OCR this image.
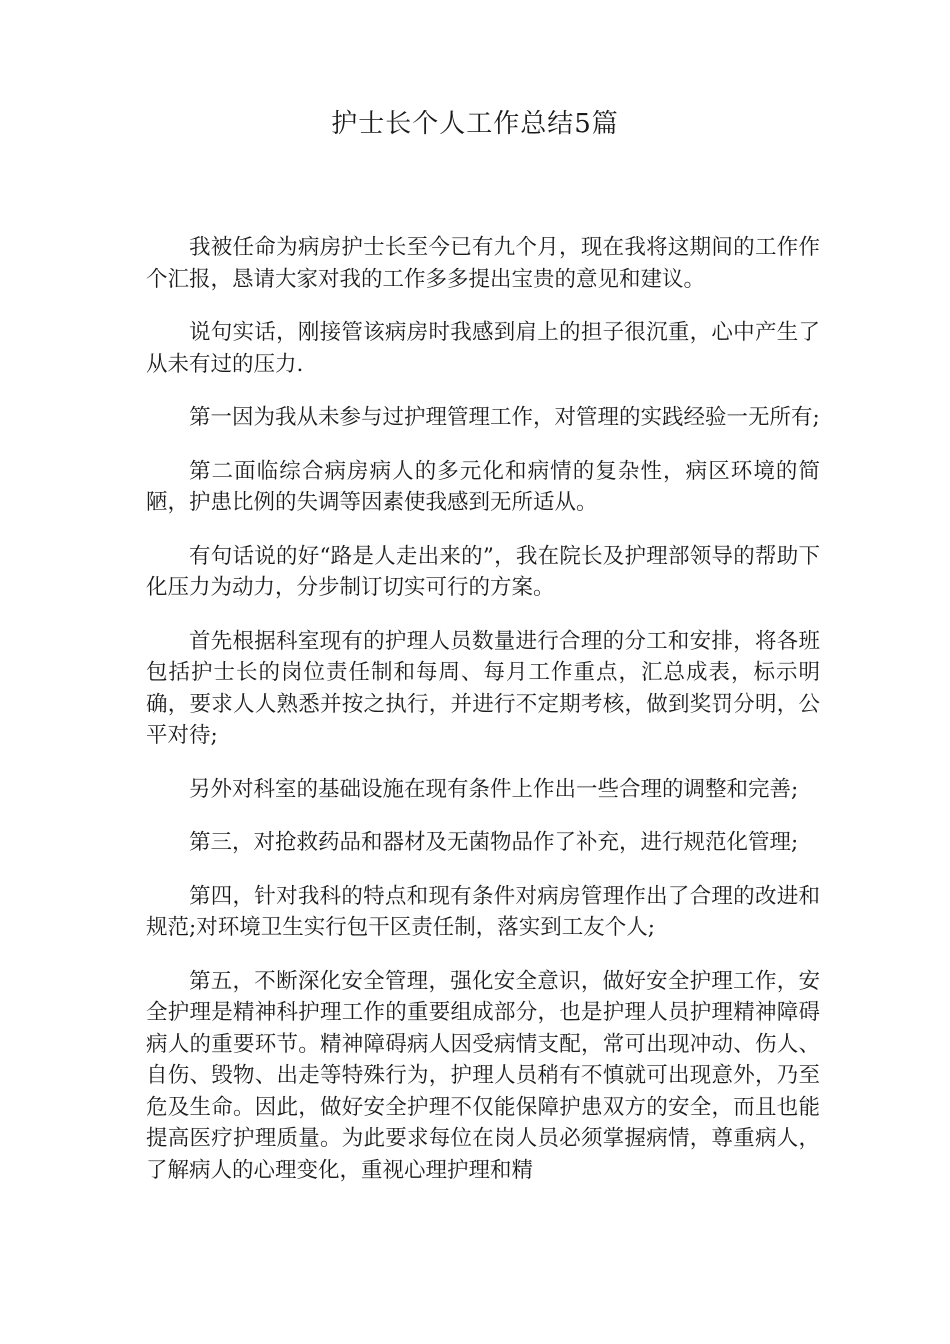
护士长个人工作总结5篇

我被任命为病房护士长至今已有九个月，现在我将这期间的工作作个汇报，恳请大家对我的工作多多提出宝贵的意见和建议。

说句实话，刚接管该病房时我感到肩上的担子很沉重，心中产生了从未有过的压力.

第一因为我从未参与过护理管理工作，对管理的实践经验一无所有;

第二面临综合病房病人的多元化和病情的复杂性，病区环境的简陋，护患比例的失调等因素使我感到无所适从。

有句话说的好“路是人走出来的”，我在院长及护理部领导的帮助下化压力为动力，分步制订切实可行的方案。

首先根据科室现有的护理人员数量进行合理的分工和安排，将各班包括护士长的岗位责任制和每周、每月工作重点，汇总成表，标示明确，要求人人熟悉并按之执行，并进行不定期考核，做到奖罚分明，公平对待;

另外对科室的基础设施在现有条件上作出一些合理的调整和完善;

第三，对抢救药品和器材及无菌物品作了补充，进行规范化管理;

第四，针对我科的特点和现有条件对病房管理作出了合理的改进和规范;对环境卫生实行包干区责任制，落实到工友个人;

第五，不断深化安全管理，强化安全意识，做好安全护理工作，安全护理是精神科护理工作的重要组成部分，也是护理人员护理精神障碍病人的重要环节。精神障碍病人因受病情支配，常可出现冲动、伤人、自伤、毁物、出走等特殊行为，护理人员稍有不慎就可出现意外，乃至危及生命。因此，做好安全护理不仅能保障护患双方的安全，而且也能提高医疗护理质量。为此要求每位在岗人员必须掌握病情，尊重病人，了解病人的心理变化，重视心理护理和精
